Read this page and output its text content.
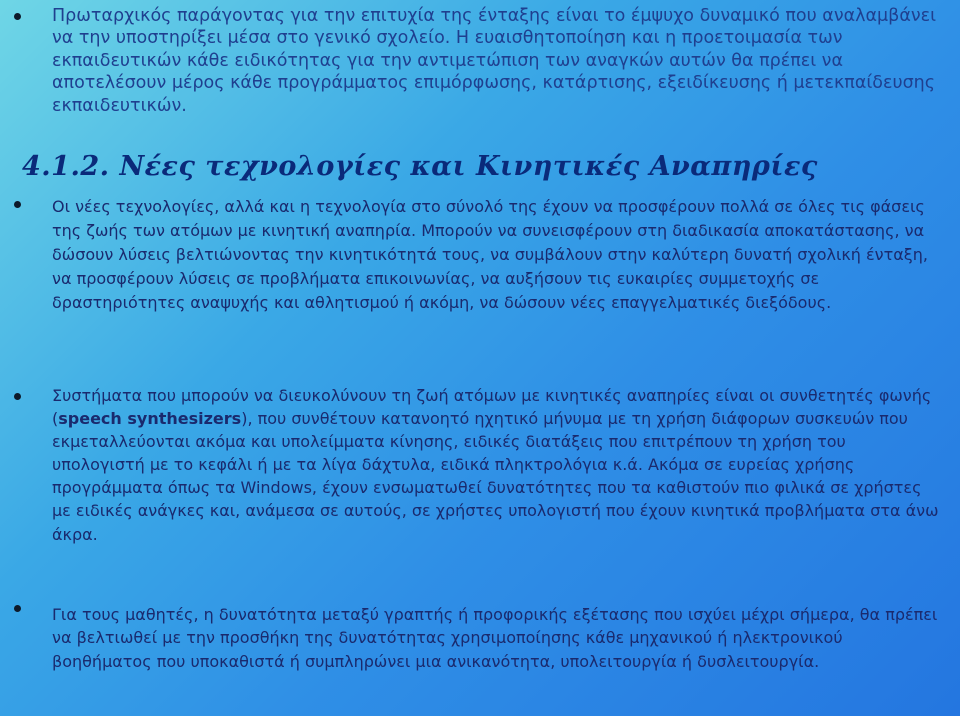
Πρωταρχικός παράγοντας για την επιτυχία της ένταξης είναι το έμψυχο δυναμικό που αναλαμβάνει να την υποστηρίξει μέσα στο γενικό σχολείο. Η ευαισθητοποίηση και η προετοιμασία των εκπαιδευτικών κάθε ειδικότητας για την αντιμετώπιση των αναγκών αυτών θα πρέπει να αποτελέσουν μέρος κάθε προγράμματος επιμόρφωσης, κατάρτισης, εξειδίκευσης ή μετεκπαίδευσης εκπαιδευτικών.

4.1.2. Νέες τεχνολογίες και Κινητικές Αναπηρίες

Οι νέες τεχνολογίες, αλλά και η τεχνολογία στο σύνολό της έχουν να προσφέρουν πολλά σε όλες τις φάσεις της ζωής των ατόμων με κινητική αναπηρία. Μπορούν να συνεισφέρουν στη διαδικασία αποκατάστασης, να δώσουν λύσεις βελτιώνοντας την κινητικότητά τους, να συμβάλουν στην καλύτερη δυνατή σχολική ένταξη, να προσφέρουν λύσεις σε προβλήματα επικοινωνίας, να αυξήσουν τις ευκαιρίες συμμετοχής σε δραστηριότητες αναψυχής και αθλητισμού ή ακόμη, να δώσουν νέες επαγγελματικές διεξόδους.

Συστήματα που μπορούν να διευκολύνουν τη ζωή ατόμων με κινητικές αναπηρίες είναι οι συνθετητές φωνής (speech synthesizers), που συνθέτουν κατανοητό ηχητικό μήνυμα με τη χρήση διάφορων συσκευών που εκμεταλλεύονται ακόμα και υπολείμματα κίνησης, ειδικές διατάξεις που επιτρέπουν τη χρήση του υπολογιστή με το κεφάλι ή με τα λίγα δάχτυλα, ειδικά πληκτρολόγια κ.ά. Ακόμα σε ευρείας χρήσης προγράμματα όπως τα Windows, έχουν ενσωματωθεί δυνατότητες που τα καθιστούν πιο φιλικά σε χρήστες με ειδικές ανάγκες και, ανάμεσα σε αυτούς, σε χρήστες υπολογιστή που έχουν κινητικά προβλήματα στα άνω άκρα.

Για τους μαθητές, η δυνατότητα μεταξύ γραπτής ή προφορικής εξέτασης που ισχύει μέχρι σήμερα, θα πρέπει να βελτιωθεί με την προσθήκη της δυνατότητας χρησιμοποίησης κάθε μηχανικού ή ηλεκτρονικού βοηθήματος που υποκαθιστά ή συμπληρώνει μια ανικανότητα, υπολειτουργία ή δυσλειτουργία.
